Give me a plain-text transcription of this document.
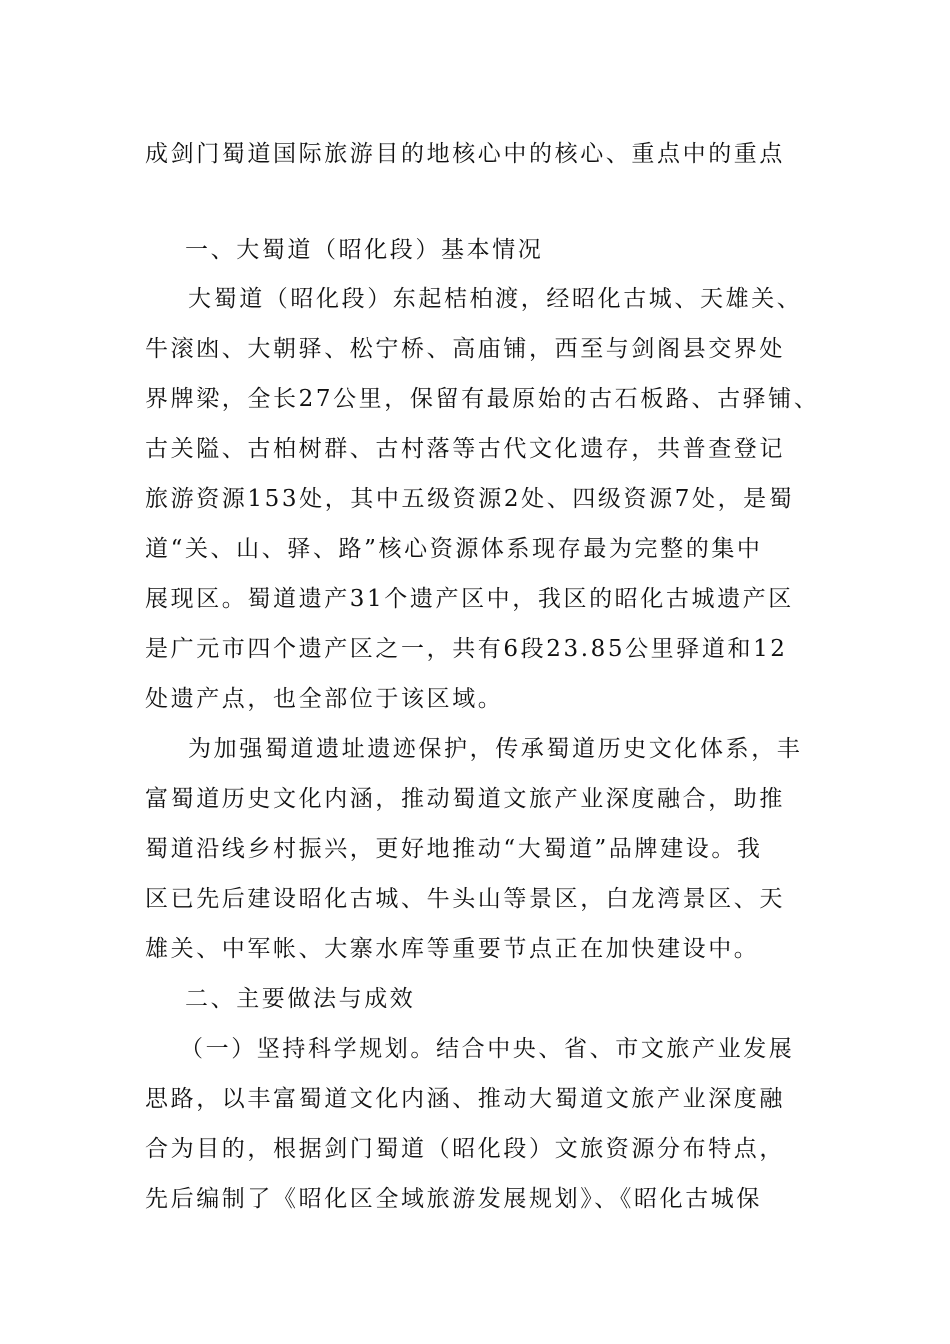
成剑门蜀道国际旅游目的地核心中的核心、重点中的重点
一、大蜀道（昭化段）基本情况
大蜀道（昭化段）东起桔柏渡，经昭化古城、天雄关、
牛滚凼、大朝驿、松宁桥、高庙铺，西至与剑阁县交界处
界牌梁，全长27公里，保留有最原始的古石板路、古驿铺、
古关隘、古柏树群、古村落等古代文化遗存，共普查登记
旅游资源153处，其中五级资源2处、四级资源7处，是蜀
道“关、山、驿、路”核心资源体系现存最为完整的集中
展现区。蜀道遗产31个遗产区中，我区的昭化古城遗产区
是广元市四个遗产区之一，共有6段23.85公里驿道和12
处遗产点，也全部位于该区域。
为加强蜀道遗址遗迹保护，传承蜀道历史文化体系，丰
富蜀道历史文化内涵，推动蜀道文旅产业深度融合，助推
蜀道沿线乡村振兴，更好地推动“大蜀道”品牌建设。我
区已先后建设昭化古城、牛头山等景区，白龙湾景区、天
雄关、中军帐、大寨水库等重要节点正在加快建设中。
二、主要做法与成效
（一）坚持科学规划。结合中央、省、市文旅产业发展
思路，以丰富蜀道文化内涵、推动大蜀道文旅产业深度融
合为目的，根据剑门蜀道（昭化段）文旅资源分布特点，
先后编制了《昭化区全域旅游发展规划》、《昭化古城保
